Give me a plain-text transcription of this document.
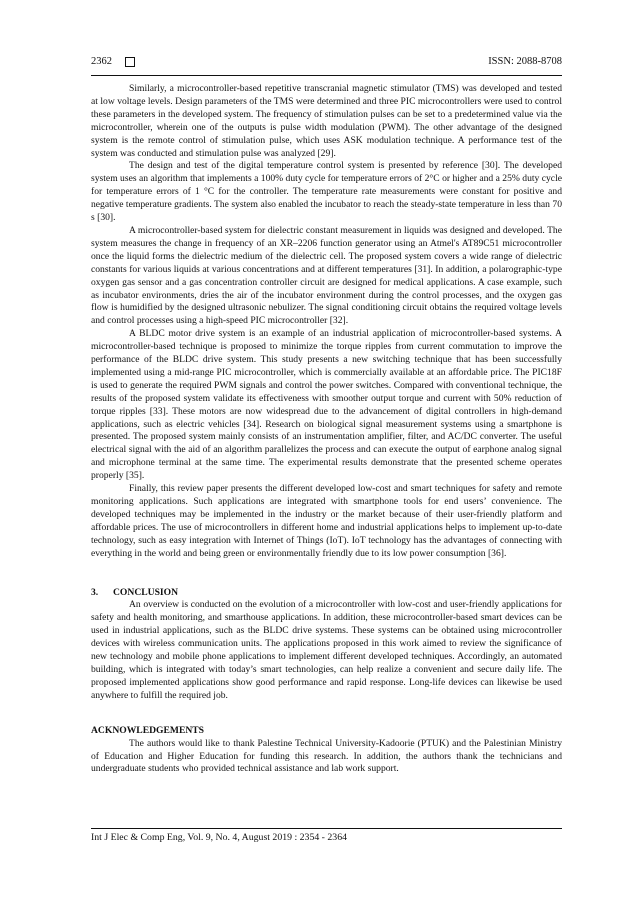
2362	ISSN: 2088-8708

Similarly, a microcontroller-based repetitive transcranial magnetic stimulator (TMS) was developed and tested at low voltage levels. Design parameters of the TMS were determined and three PIC microcontrollers were used to control these parameters in the developed system. The frequency of stimulation pulses can be set to a predetermined value via the microcontroller, wherein one of the outputs is pulse width modulation (PWM). The other advantage of the designed system is the remote control of stimulation pulse, which uses ASK modulation technique. A performance test of the system was conducted and stimulation pulse was analyzed [29].

The design and test of the digital temperature control system is presented by reference [30]. The developed system uses an algorithm that implements a 100% duty cycle for temperature errors of 2°C or higher and a 25% duty cycle for temperature errors of 1 °C for the controller. The temperature rate measurements were constant for positive and negative temperature gradients. The system also enabled the incubator to reach the steady-state temperature in less than 70 s [30].

A microcontroller-based system for dielectric constant measurement in liquids was designed and developed. The system measures the change in frequency of an XR–2206 function generator using an Atmel's AT89C51 microcontroller once the liquid forms the dielectric medium of the dielectric cell. The proposed system covers a wide range of dielectric constants for various liquids at various concentrations and at different temperatures [31]. In addition, a polarographic-type oxygen gas sensor and a gas concentration controller circuit are designed for medical applications. A case example, such as incubator environments, dries the air of the incubator environment during the control processes, and the oxygen gas flow is humidified by the designed ultrasonic nebulizer. The signal conditioning circuit obtains the required voltage levels and control processes using a high-speed PIC microcontroller [32].

A BLDC motor drive system is an example of an industrial application of microcontroller-based systems. A microcontroller-based technique is proposed to minimize the torque ripples from current commutation to improve the performance of the BLDC drive system. This study presents a new switching technique that has been successfully implemented using a mid-range PIC microcontroller, which is commercially available at an affordable price. The PIC18F is used to generate the required PWM signals and control the power switches. Compared with conventional technique, the results of the proposed system validate its effectiveness with smoother output torque and current with 50% reduction of torque ripples [33]. These motors are now widespread due to the advancement of digital controllers in high-demand applications, such as electric vehicles [34]. Research on biological signal measurement systems using a smartphone is presented. The proposed system mainly consists of an instrumentation amplifier, filter, and AC/DC converter. The useful electrical signal with the aid of an algorithm parallelizes the process and can execute the output of earphone analog signal and microphone terminal at the same time. The experimental results demonstrate that the presented scheme operates properly [35].

Finally, this review paper presents the different developed low-cost and smart techniques for safety and remote monitoring applications. Such applications are integrated with smartphone tools for end users’ convenience. The developed techniques may be implemented in the industry or the market because of their user-friendly platform and affordable prices. The use of microcontrollers in different home and industrial applications helps to implement up-to-date technology, such as easy integration with Internet of Things (IoT). IoT technology has the advantages of connecting with everything in the world and being green or environmentally friendly due to its low power consumption [36].

3. CONCLUSION

An overview is conducted on the evolution of a microcontroller with low-cost and user-friendly applications for safety and health monitoring, and smarthouse applications. In addition, these microcontroller-based smart devices can be used in industrial applications, such as the BLDC drive systems. These systems can be obtained using microcontroller devices with wireless communication units. The applications proposed in this work aimed to review the significance of new technology and mobile phone applications to implement different developed techniques. Accordingly, an automated building, which is integrated with today’s smart technologies, can help realize a convenient and secure daily life. The proposed implemented applications show good performance and rapid response. Long-life devices can likewise be used anywhere to fulfill the required job.

ACKNOWLEDGEMENTS

The authors would like to thank Palestine Technical University-Kadoorie (PTUK) and the Palestinian Ministry of Education and Higher Education for funding this research. In addition, the authors thank the technicians and undergraduate students who provided technical assistance and lab work support.

Int J Elec & Comp Eng, Vol. 9, No. 4, August 2019 : 2354 - 2364
